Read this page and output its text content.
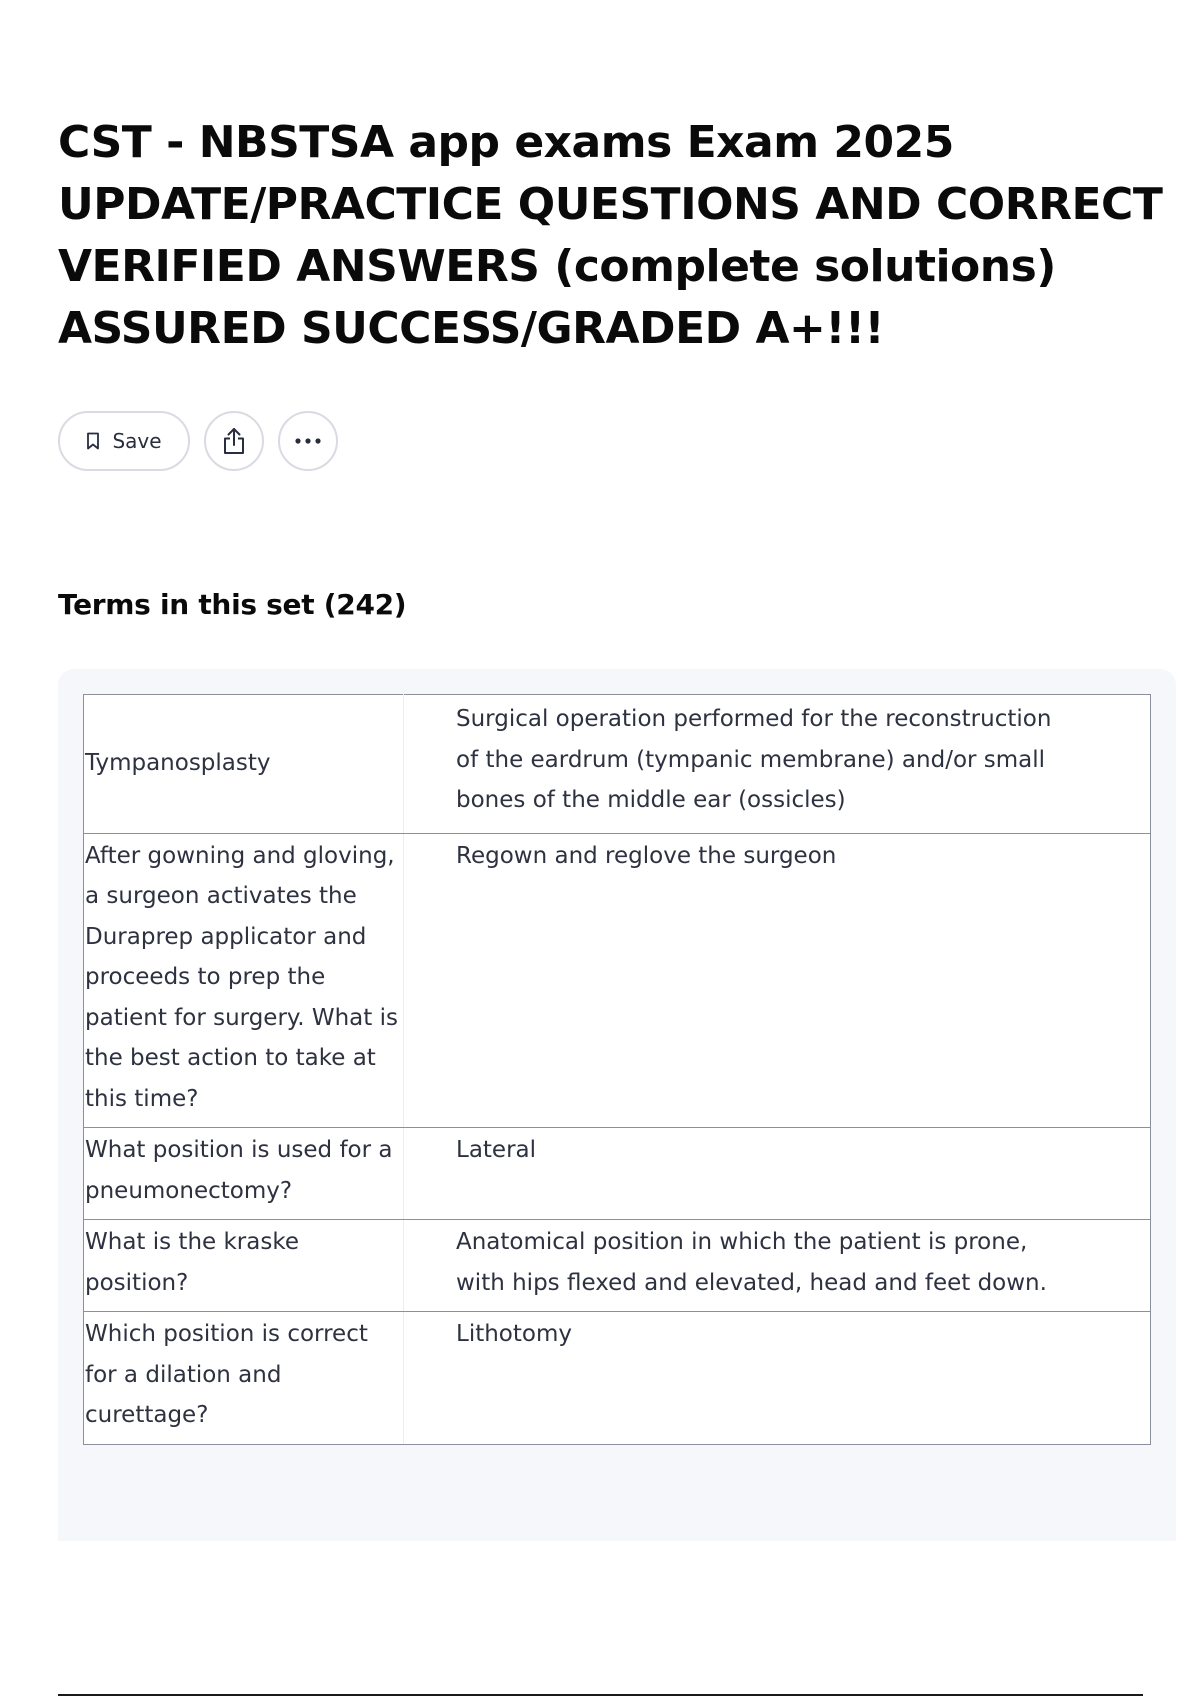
CST - NBSTSA app exams Exam 2025 UPDATE/PRACTICE QUESTIONS AND CORRECT VERIFIED ANSWERS (complete solutions) ASSURED SUCCESS/GRADED A+!!!
Save
Terms in this set (242)
Tympanosplasty	Surgical operation performed for the reconstruction of the eardrum (tympanic membrane) and/or small bones of the middle ear (ossicles)

After gowning and gloving, a surgeon activates the Duraprep applicator and proceeds to prep the patient for surgery. What is the best action to take at this time?	Regown and reglove the surgeon

What position is used for a pneumonectomy?	Lateral

What is the kraske position?	Anatomical position in which the patient is prone, with hips flexed and elevated, head and feet down.

Which position is correct for a dilation and curettage?	Lithotomy
